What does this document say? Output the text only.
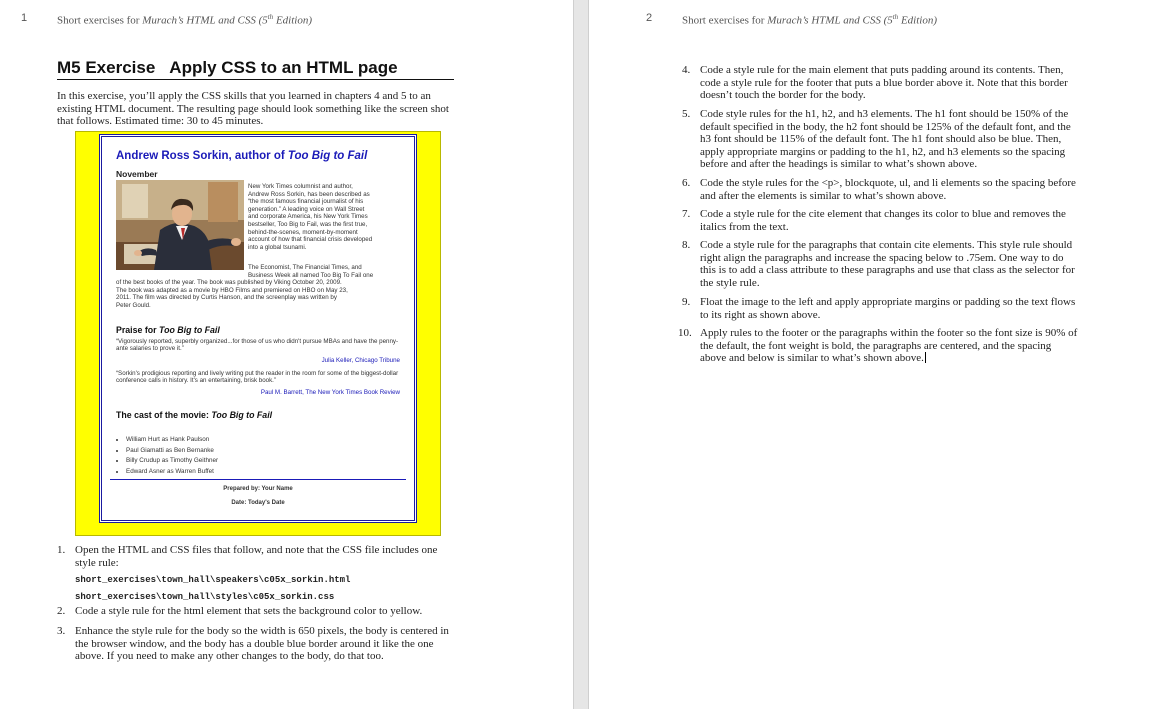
1	Short exercises for Murach’s HTML and CSS (5th Edition)
M5 Exercise Apply CSS to an HTML page

In this exercise, you’ll apply the CSS skills that you learned in chapters 4 and 5 to an existing HTML document. The resulting page should look something like the screen shot that follows. Estimated time: 30 to 45 minutes.

Andrew Ross Sorkin, author of Too Big to Fail
November

New York Times columnist and author,
Andrew Ross Sorkin, has been described as
“the most famous financial journalist of his
generation.” A leading voice on Wall Street
and corporate America, his New York Times
bestseller, Too Big to Fail, was the first true,
behind-the-scenes, moment-by-moment
account of how that financial crisis developed
into a global tsunami.

The Economist, The Financial Times, and
Business Week all named Too Big To Fail one

of the best books of the year. The book was published by Viking October 20, 2009.
The book was adapted as a movie by HBO Films and premiered on HBO on May 23,
2011. The film was directed by Curtis Hanson, and the screenplay was written by
Peter Gould.

Praise for Too Big to Fail

“Vigorously reported, superbly organized...for those of us who didn't pursue MBAs and have the penny-ante salaries to prove it.”

Julia Keller, Chicago Tribune

“Sorkin's prodigious reporting and lively writing put the reader in the room for some of the biggest-dollar conference calls in history. It's an entertaining, brisk book.”

Paul M. Barrett, The New York Times Book Review
The cast of the movie: Too Big to Fail
• William Hurt as Hank Paulson
• Paul Giamatti as Ben Bernanke
• Billy Crudup as Timothy Geithner
• Edward Asner as Warren Buffet
Prepared by: Your Name
Date: Today's Date
1. Open the HTML and CSS files that follow, and note that the CSS file includes one style rule:
short_exercises\town_hall\speakers\c05x_sorkin.html
short_exercises\town_hall\styles\c05x_sorkin.css
2. Code a style rule for the html element that sets the background color to yellow.
3. Enhance the style rule for the body so the width is 650 pixels, the body is centered in the browser window, and the body has a double blue border around it like the one above. If you need to make any other changes to the body, do that too.
2	Short exercises for Murach’s HTML and CSS (5th Edition)
4. Code a style rule for the main element that puts padding around its contents. Then, code a style rule for the footer that puts a blue border above it. Note that this border doesn’t touch the border for the body.
5. Code style rules for the h1, h2, and h3 elements. The h1 font should be 150% of the default specified in the body, the h2 font should be 125% of the default font, and the h3 font should be 115% of the default font. The h1 font should also be blue. Then, apply appropriate margins or padding to the h1, h2, and h3 elements so the spacing before and after the headings is similar to what’s shown above.
6. Code the style rules for the <p>, blockquote, ul, and li elements so the spacing before and after the elements is similar to what’s shown above.
7. Code a style rule for the cite element that changes its color to blue and removes the italics from the text.
8. Code a style rule for the paragraphs that contain cite elements. This style rule should right align the paragraphs and increase the spacing below to .75em. One way to do this is to add a class attribute to these paragraphs and use that class as the selector for the style rule.
9. Float the image to the left and apply appropriate margins or padding so the text flows to its right as shown above.
10. Apply rules to the footer or the paragraphs within the footer so the font size is 90% of the default, the font weight is bold, the paragraphs are centered, and the spacing above and below is similar to what’s shown above.
